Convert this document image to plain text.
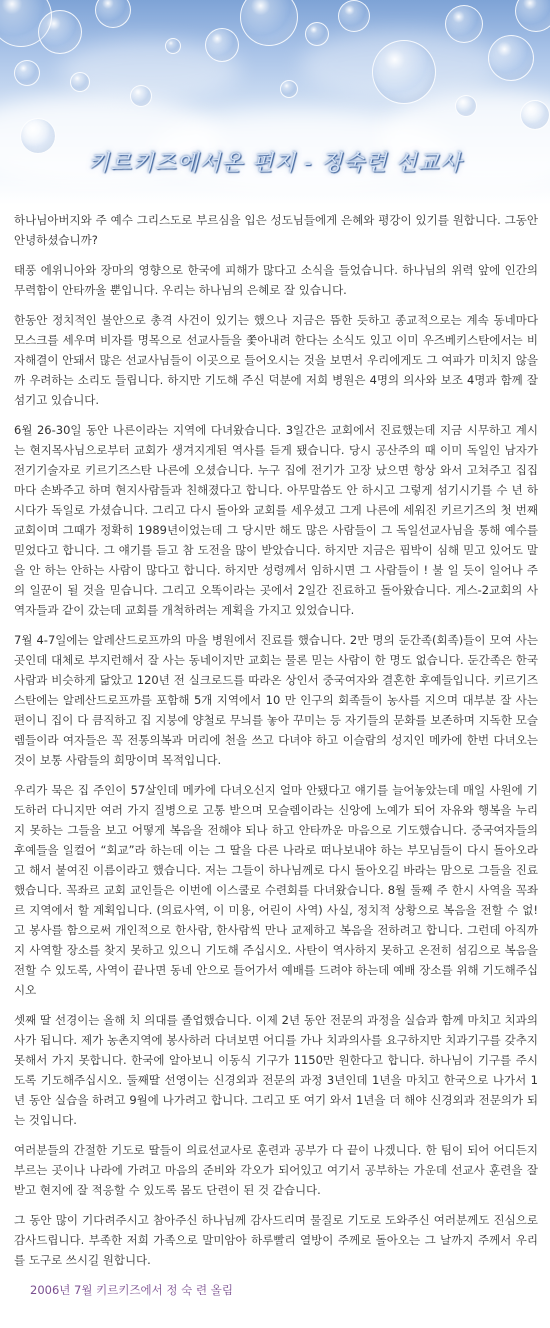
키르키즈에서온 편지 - 정숙련 선교사

하나님아버지와 주 예수 그리스도로 부르심을 입은 성도님들에게 은혜와 평강이 있기를 원합니다. 그동안 안녕하셨습니까?

태풍 에위니아와 장마의 영향으로 한국에 피해가 많다고 소식을 들었습니다. 하나님의 위력 앞에 인간의 무력함이 안타까울 뿐입니다. 우리는 하나님의 은혜로 잘 있습니다.

한동안 정치적인 불안으로 총격 사건이 있기는 했으나 지금은 뜸한 듯하고 종교적으로는 계속 동네마다 모스크를 세우며 비자를 명목으로 선교사들을 쫓아내려 한다는 소식도 있고 이미 우즈베키스탄에서는 비자해결이 안돼서 많은 선교사님들이 이곳으로 들어오시는 것을 보면서 우리에게도 그 여파가 미치지 않을까 우려하는 소리도 들립니다. 하지만 기도해 주신 덕분에 저희 병원은 4명의 의사와 보조 4명과 함께 잘 섬기고 있습니다.

6월 26-30일 동안 나른이라는 지역에 다녀왔습니다. 3일간은 교회에서 진료했는데 지금 시무하고 계시는 현지목사님으로부터 교회가 생겨지게된 역사를 듣게 됐습니다. 당시 공산주의 때 이미 독일인 남자가 전기기술자로 키르기즈스탄 나른에 오셨습니다. 누구 집에 전기가 고장 났으면 항상 와서 고쳐주고 집집마다 손봐주고 하며 현지사람들과 친해졌다고 합니다. 아무말씀도 안 하시고 그렇게 섬기시기를 수 년 하시다가 독일로 가셨습니다. 그리고 다시 돌아와 교회를 세우셨고 그게 나른에 세워진 키르기즈의 첫 번째 교회이며 그때가 정확히 1989년이었는데 그 당시만 해도 많은 사람들이 그 독일선교사님을 통해 예수를 믿었다고 합니다. 그 얘기를 듣고 참 도전을 많이 받았습니다. 하지만 지금은 핍박이 심해 믿고 있어도 말을 안 하는 안하는 사람이 많다고 합니다. 하지만 성령께서 임하시면 그 사람들이 ! 불 일 듯이 일어나 주의 일꾼이 될 것을 믿습니다. 그리고 오똑이라는 곳에서 2일간 진료하고 돌아왔습니다. 게스-2교회의 사역자들과 같이 갔는데 교회를 개척하려는 계획을 가지고 있었습니다.

7월 4-7일에는 알레산드로프까의 마을 병원에서 진료를 했습니다. 2만 명의 둔간족(회족)들이 모여 사는 곳인데 대체로 부지런해서 잘 사는 동네이지만 교회는 물론 믿는 사람이 한 명도 없습니다. 둔간족은 한국 사람과 비슷하게 닮았고 120년 전 실크로드를 따라온 상인서 중국여자와 결혼한 후예들입니다. 키르기즈스탄에는 알레산드로프까를 포함해 5개 지역에서 10 만 인구의 회족들이 농사를 지으며 대부분 잘 사는 편이니 집이 다 큼직하고 집 지붕에 양철로 무늬를 놓아 꾸미는 등 자기들의 문화를 보존하며 지독한 모슬렘들이라 여자들은 꼭 전통의복과 머리에 천을 쓰고 다녀야 하고 이슬람의 성지인 메카에 한번 다녀오는 것이 보통 사람들의 희망이며 목적입니다.

우리가 묵은 집 주인이 57살인데 메카에 다녀오신지 얼마 안됐다고 얘기를 늘어놓았는데 매일 사원에 기도하러 다니지만 여러 가지 질병으로 고통 받으며 모슬렘이라는 신앙에 노예가 되어 자유와 행복을 누리지 못하는 그들을 보고 어떻게 복음을 전해야 되나 하고 안타까운 마음으로 기도했습니다. 중국여자들의 후예들을 일컬어 “회교”라 하는데 이는 그 딸을 다른 나라로 떠나보내야 하는 부모님들이 다시 돌아오라고 해서 붙여진 이름이라고 했습니다. 저는 그들이 하나님께로 다시 돌아오길 바라는 맘으로 그들을 진료했습니다. 꼭좌르 교회 교인들은 이번에 이스쿨로 수련회를 다녀왔습니다. 8월 둘째 주 한시 사역을 꼭좌르 지역에서 할 계획입니다. (의료사역, 이 미용, 어린이 사역) 사실, 정치적 상황으로 복음을 전할 수 없! 고 봉사를 함으로써 개인적으로 한사람, 한사람씩 만나 교제하고 복음을 전하려고 합니다. 그런데 아직까지 사역할 장소를 찾지 못하고 있으니 기도해 주십시오. 사탄이 역사하지 못하고 온전히 섬김으로 복음을 전할 수 있도록, 사역이 끝나면 동네 안으로 들어가서 예배를 드려야 하는데 예배 장소를 위해 기도해주십시오

셋째 딸 선경이는 올해 치 의대를 졸업했습니다. 이제 2년 동안 전문의 과정을 실습과 함께 마치고 치과의사가 됩니다. 제가 농촌지역에 봉사하러 다녀보면 어디를 가나 치과의사를 요구하지만 치과기구를 갖추지 못해서 가지 못합니다. 한국에 알아보니 이동식 기구가 1150만 원한다고 합니다. 하나님이 기구를 주시도록 기도해주십시오. 둘째딸 선영이는 신경외과 전문의 과정 3년인데 1년을 마치고 한국으로 나가서 1년 동안 실습을 하려고 9월에 나가려고 합니다. 그리고 또 여기 와서 1년을 더 해야 신경외과 전문의가 되는 것입니다.

여러분들의 간절한 기도로 딸들이 의료선교사로 훈련과 공부가 다 끝이 나겠니다. 한 팀이 되어 어디든지 부르는 곳이나 나라에 가려고 마음의 준비와 각오가 되어있고 여기서 공부하는 가운데 선교사 훈련을 잘 받고 현지에 잘 적응할 수 있도록 몸도 단련이 된 것 같습니다.

그 동안 많이 기다려주시고 참아주신 하나님께 감사드리며 물질로 기도로 도와주신 여러분께도 진심으로 감사드립니다. 부족한 저희 가족으로 말미암아 하루빨리 열방이 주께로 돌아오는 그 날까지 주께서 우리를 도구로 쓰시길 원합니다.

2006년 7월 키르키즈에서 정 숙 련 올림
